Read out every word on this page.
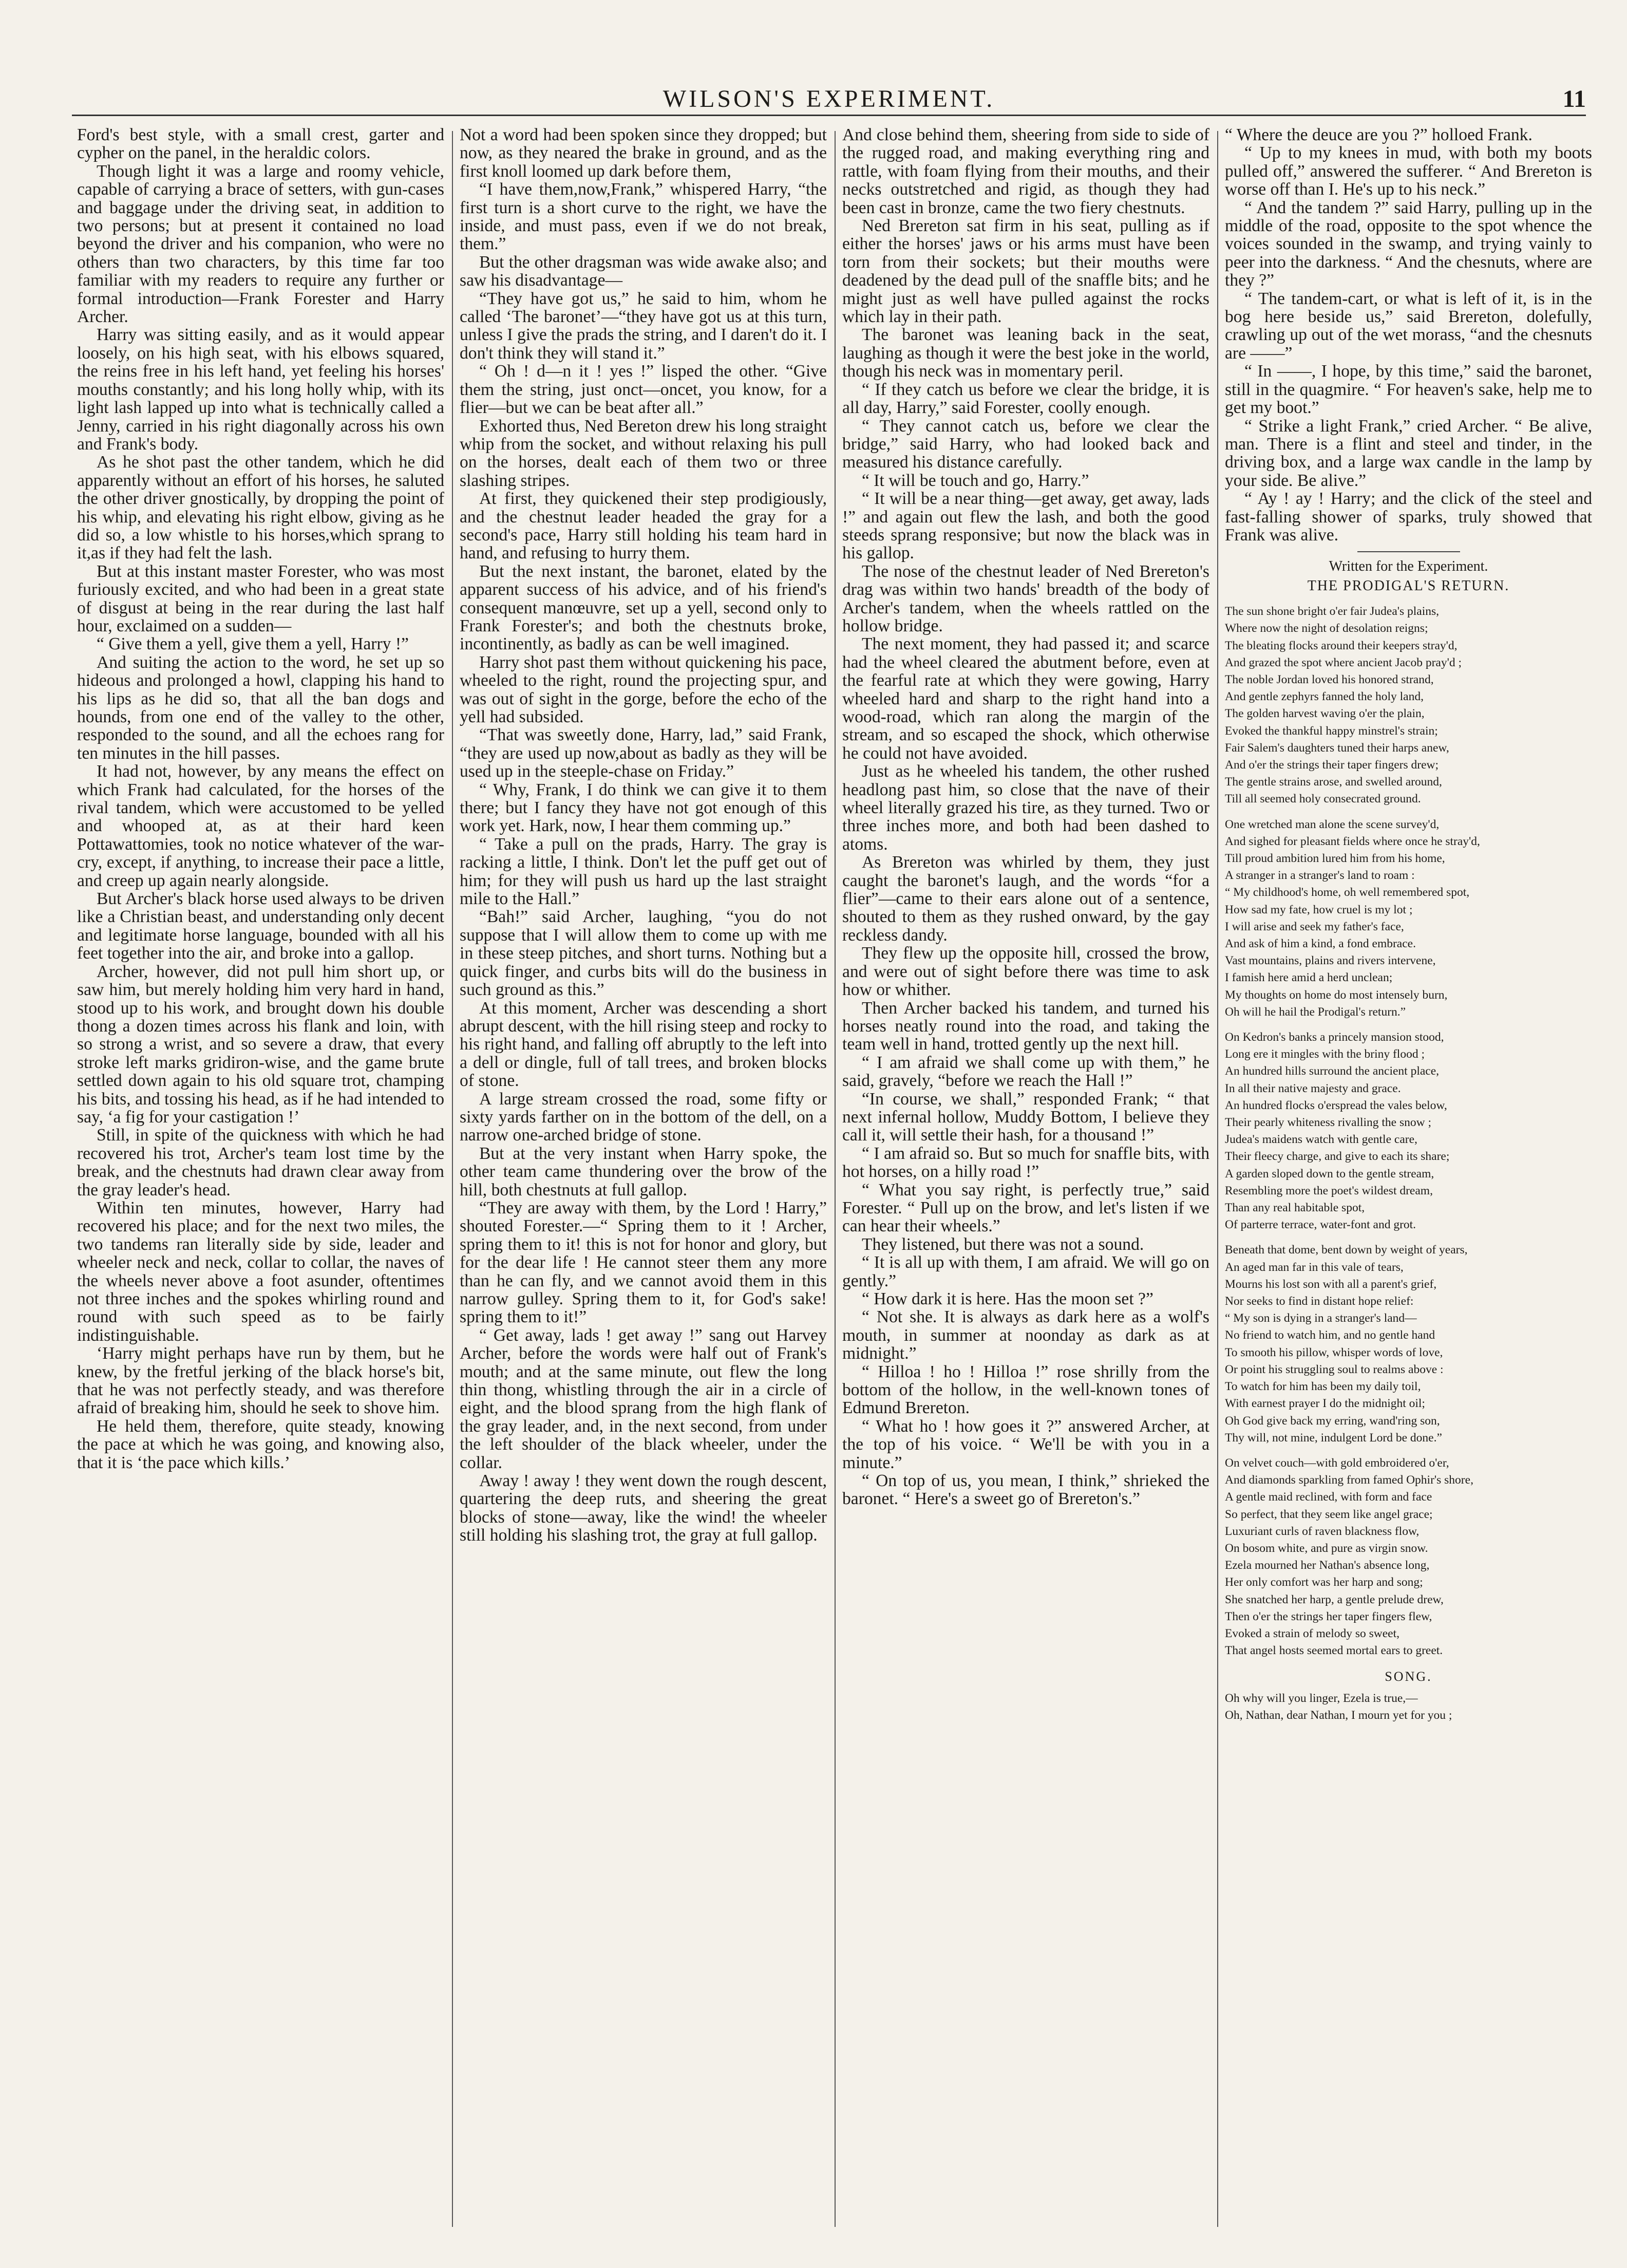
WILSON'S EXPERIMENT.	11

Ford's best style, with a small crest, garter and cypher on the panel, in the heraldic colors.

Though light it was a large and roomy vehicle, capable of carrying a brace of setters, with gun-cases and baggage under the driving seat, in addition to two persons; but at present it contained no load beyond the driver and his companion, who were no others than two characters, by this time far too familiar with my readers to require any further or formal introduction—Frank Forester and Harry Archer.

Harry was sitting easily, and as it would appear loosely, on his high seat, with his elbows squared, the reins free in his left hand, yet feeling his horses' mouths constantly; and his long holly whip, with its light lash lapped up into what is technically called a Jenny, carried in his right diagonally across his own and Frank's body.

As he shot past the other tandem, which he did apparently without an effort of his horses, he saluted the other driver gnostically, by dropping the point of his whip, and elevating his right elbow, giving as he did so, a low whistle to his horses,which sprang to it,as if they had felt the lash.

But at this instant master Forester, who was most furiously excited, and who had been in a great state of disgust at being in the rear during the last half hour, exclaimed on a sudden—

“ Give them a yell, give them a yell, Harry !”

And suiting the action to the word, he set up so hideous and prolonged a howl, clapping his hand to his lips as he did so, that all the ban dogs and hounds, from one end of the valley to the other, responded to the sound, and all the echoes rang for ten minutes in the hill passes.

It had not, however, by any means the effect on which Frank had calculated, for the horses of the rival tandem, which were accustomed to be yelled and whooped at, as at their hard keen Pottawattomies, took no notice whatever of the war-cry, except, if anything, to increase their pace a little, and creep up again nearly alongside.

But Archer's black horse used always to be driven like a Christian beast, and understanding only decent and legitimate horse language, bounded with all his feet together into the air, and broke into a gallop.

Archer, however, did not pull him short up, or saw him, but merely holding him very hard in hand, stood up to his work, and brought down his double thong a dozen times across his flank and loin, with so strong a wrist, and so severe a draw, that every stroke left marks gridiron-wise, and the game brute settled down again to his old square trot, champing his bits, and tossing his head, as if he had intended to say, ‘a fig for your castigation !’

Still, in spite of the quickness with which he had recovered his trot, Archer's team lost time by the break, and the chestnuts had drawn clear away from the gray leader's head.

Within ten minutes, however, Harry had recovered his place; and for the next two miles, the two tandems ran literally side by side, leader and wheeler neck and neck, collar to collar, the naves of the wheels never above a foot asunder, oftentimes not three inches and the spokes whirling round and round with such speed as to be fairly indistinguishable.

‘Harry might perhaps have run by them, but he knew, by the fretful jerking of the black horse's bit, that he was not perfectly steady, and was therefore afraid of breaking him, should he seek to shove him.

He held them, therefore, quite steady, knowing the pace at which he was going, and knowing also, that it is ‘the pace which kills.’

Not a word had been spoken since they dropped; but now, as they neared the brake in ground, and as the first knoll loomed up dark before them,

“I have them,now,Frank,” whispered Harry, “the first turn is a short curve to the right, we have the inside, and must pass, even if we do not break, them.”

But the other dragsman was wide awake also; and saw his disadvantage—

“They have got us,” he said to him, whom he called ‘The baronet’—“they have got us at this turn, unless I give the prads the string, and I daren't do it. I don't think they will stand it.”

“ Oh ! d—n it ! yes !” lisped the other. “Give them the string, just onct—oncet, you know, for a flier—but we can be beat after all.”

Exhorted thus, Ned Bereton drew his long straight whip from the socket, and without relaxing his pull on the horses, dealt each of them two or three slashing stripes.

At first, they quickened their step prodigiously, and the chestnut leader headed the gray for a second's pace, Harry still holding his team hard in hand, and refusing to hurry them.

But the next instant, the baronet, elated by the apparent success of his advice, and of his friend's consequent manœuvre, set up a yell, second only to Frank Forester's; and both the chestnuts broke, incontinently, as badly as can be well imagined.

Harry shot past them without quickening his pace, wheeled to the right, round the projecting spur, and was out of sight in the gorge, before the echo of the yell had subsided.

“That was sweetly done, Harry, lad,” said Frank, “they are used up now,about as badly as they will be used up in the steeple-chase on Friday.”

“ Why, Frank, I do think we can give it to them there; but I fancy they have not got enough of this work yet. Hark, now, I hear them comming up.”

“ Take a pull on the prads, Harry. The gray is racking a little, I think. Don't let the puff get out of him; for they will push us hard up the last straight mile to the Hall.”

“Bah!” said Archer, laughing, “you do not suppose that I will allow them to come up with me in these steep pitches, and short turns. Nothing but a quick finger, and curbs bits will do the business in such ground as this.”

At this moment, Archer was descending a short abrupt descent, with the hill rising steep and rocky to his right hand, and falling off abruptly to the left into a dell or dingle, full of tall trees, and broken blocks of stone.

A large stream crossed the road, some fifty or sixty yards farther on in the bottom of the dell, on a narrow one-arched bridge of stone.

But at the very instant when Harry spoke, the other team came thundering over the brow of the hill, both chestnuts at full gallop.

“They are away with them, by the Lord ! Harry,” shouted Forester.—“ Spring them to it ! Archer, spring them to it! this is not for honor and glory, but for the dear life ! He cannot steer them any more than he can fly, and we cannot avoid them in this narrow gulley. Spring them to it, for God's sake! spring them to it!”

“ Get away, lads ! get away !” sang out Harvey Archer, before the words were half out of Frank's mouth; and at the same minute, out flew the long thin thong, whistling through the air in a circle of eight, and the blood sprang from the high flank of the gray leader, and, in the next second, from under the left shoulder of the black wheeler, under the collar.

Away ! away ! they went down the rough descent, quartering the deep ruts, and sheering the great blocks of stone—away, like the wind! the wheeler still holding his slashing trot, the gray at full gallop.

And close behind them, sheering from side to side of the rugged road, and making everything ring and rattle, with foam flying from their mouths, and their necks outstretched and rigid, as though they had been cast in bronze, came the two fiery chestnuts.

Ned Brereton sat firm in his seat, pulling as if either the horses' jaws or his arms must have been torn from their sockets; but their mouths were deadened by the dead pull of the snaffle bits; and he might just as well have pulled against the rocks which lay in their path.

The baronet was leaning back in the seat, laughing as though it were the best joke in the world, though his neck was in momentary peril.

“ If they catch us before we clear the bridge, it is all day, Harry,” said Forester, coolly enough.

“ They cannot catch us, before we clear the bridge,” said Harry, who had looked back and measured his distance carefully.

“ It will be touch and go, Harry.”

“ It will be a near thing—get away, get away, lads !” and again out flew the lash, and both the good steeds sprang responsive; but now the black was in his gallop.

The nose of the chestnut leader of Ned Brereton's drag was within two hands' breadth of the body of Archer's tandem, when the wheels rattled on the hollow bridge.

The next moment, they had passed it; and scarce had the wheel cleared the abutment before, even at the fearful rate at which they were gowing, Harry wheeled hard and sharp to the right hand into a wood-road, which ran along the margin of the stream, and so escaped the shock, which otherwise he could not have avoided.

Just as he wheeled his tandem, the other rushed headlong past him, so close that the nave of their wheel literally grazed his tire, as they turned. Two or three inches more, and both had been dashed to atoms.

As Brereton was whirled by them, they just caught the baronet's laugh, and the words “for a flier”—came to their ears alone out of a sentence, shouted to them as they rushed onward, by the gay reckless dandy.

They flew up the opposite hill, crossed the brow, and were out of sight before there was time to ask how or whither.

Then Archer backed his tandem, and turned his horses neatly round into the road, and taking the team well in hand, trotted gently up the next hill.

“ I am afraid we shall come up with them,” he said, gravely, “before we reach the Hall !”

“In course, we shall,” responded Frank; “ that next infernal hollow, Muddy Bottom, I believe they call it, will settle their hash, for a thousand !”

“ I am afraid so. But so much for snaffle bits, with hot horses, on a hilly road !”

“ What you say right, is perfectly true,” said Forester. “ Pull up on the brow, and let's listen if we can hear their wheels.”

They listened, but there was not a sound.

“ It is all up with them, I am afraid. We will go on gently.”

“ How dark it is here. Has the moon set ?”

“ Not she. It is always as dark here as a wolf's mouth, in summer at noonday as dark as at midnight.”

“ Hilloa ! ho ! Hilloa !” rose shrilly from the bottom of the hollow, in the well-known tones of Edmund Brereton.

“ What ho ! how goes it ?” answered Archer, at the top of his voice. “ We'll be with you in a minute.”

“ On top of us, you mean, I think,” shrieked the baronet. “ Here's a sweet go of Brereton's.”

“ Where the deuce are you ?” holloed Frank.

“ Up to my knees in mud, with both my boots pulled off,” answered the sufferer. “ And Brereton is worse off than I. He's up to his neck.”

“ And the tandem ?” said Harry, pulling up in the middle of the road, opposite to the spot whence the voices sounded in the swamp, and trying vainly to peer into the darkness. “ And the chesnuts, where are they ?”

“ The tandem-cart, or what is left of it, is in the bog here beside us,” said Brereton, dolefully, crawling up out of the wet morass, “and the chesnuts are ——”

“ In ——, I hope, by this time,” said the baronet, still in the quagmire. “ For heaven's sake, help me to get my boot.”

“ Strike a light Frank,” cried Archer. “ Be alive, man. There is a flint and steel and tinder, in the driving box, and a large wax candle in the lamp by your side. Be alive.”

“ Ay ! ay ! Harry; and the click of the steel and fast-falling shower of sparks, truly showed that Frank was alive.

Written for the Experiment.
THE PRODIGAL'S RETURN.
The sun shone bright o'er fair Judea's plains,
Where now the night of desolation reigns;
The bleating flocks around their keepers stray'd,
And grazed the spot where ancient Jacob pray'd ;
The noble Jordan loved his honored strand,
And gentle zephyrs fanned the holy land,
The golden harvest waving o'er the plain,
Evoked the thankful happy minstrel's strain;
Fair Salem's daughters tuned their harps anew,
And o'er the strings their taper fingers drew;
The gentle strains arose, and swelled around,
Till all seemed holy consecrated ground.
One wretched man alone the scene survey'd,
And sighed for pleasant fields where once he stray'd,
Till proud ambition lured him from his home,
A stranger in a stranger's land to roam :
“ My childhood's home, oh well remembered spot,
How sad my fate, how cruel is my lot ;
I will arise and seek my father's face,
And ask of him a kind, a fond embrace.
Vast mountains, plains and rivers intervene,
I famish here amid a herd unclean;
My thoughts on home do most intensely burn,
Oh will he hail the Prodigal's return.”
On Kedron's banks a princely mansion stood,
Long ere it mingles with the briny flood ;
An hundred hills surround the ancient place,
In all their native majesty and grace.
An hundred flocks o'erspread the vales below,
Their pearly whiteness rivalling the snow ;
Judea's maidens watch with gentle care,
Their fleecy charge, and give to each its share;
A garden sloped down to the gentle stream,
Resembling more the poet's wildest dream,
Than any real habitable spot,
Of parterre terrace, water-font and grot.
Beneath that dome, bent down by weight of years,
An aged man far in this vale of tears,
Mourns his lost son with all a parent's grief,
Nor seeks to find in distant hope relief:
“ My son is dying in a stranger's land—
No friend to watch him, and no gentle hand
To smooth his pillow, whisper words of love,
Or point his struggling soul to realms above :
To watch for him has been my daily toil,
With earnest prayer I do the midnight oil;
Oh God give back my erring, wand'ring son,
Thy will, not mine, indulgent Lord be done.”
On velvet couch—with gold embroidered o'er,
And diamonds sparkling from famed Ophir's shore,
A gentle maid reclined, with form and face
So perfect, that they seem like angel grace;
Luxuriant curls of raven blackness flow,
On bosom white, and pure as virgin snow.
Ezela mourned her Nathan's absence long,
Her only comfort was her harp and song;
She snatched her harp, a gentle prelude drew,
Then o'er the strings her taper fingers flew,
Evoked a strain of melody so sweet,
That angel hosts seemed mortal ears to greet.
SONG.
Oh why will you linger, Ezela is true,—
Oh, Nathan, dear Nathan, I mourn yet for you ;
